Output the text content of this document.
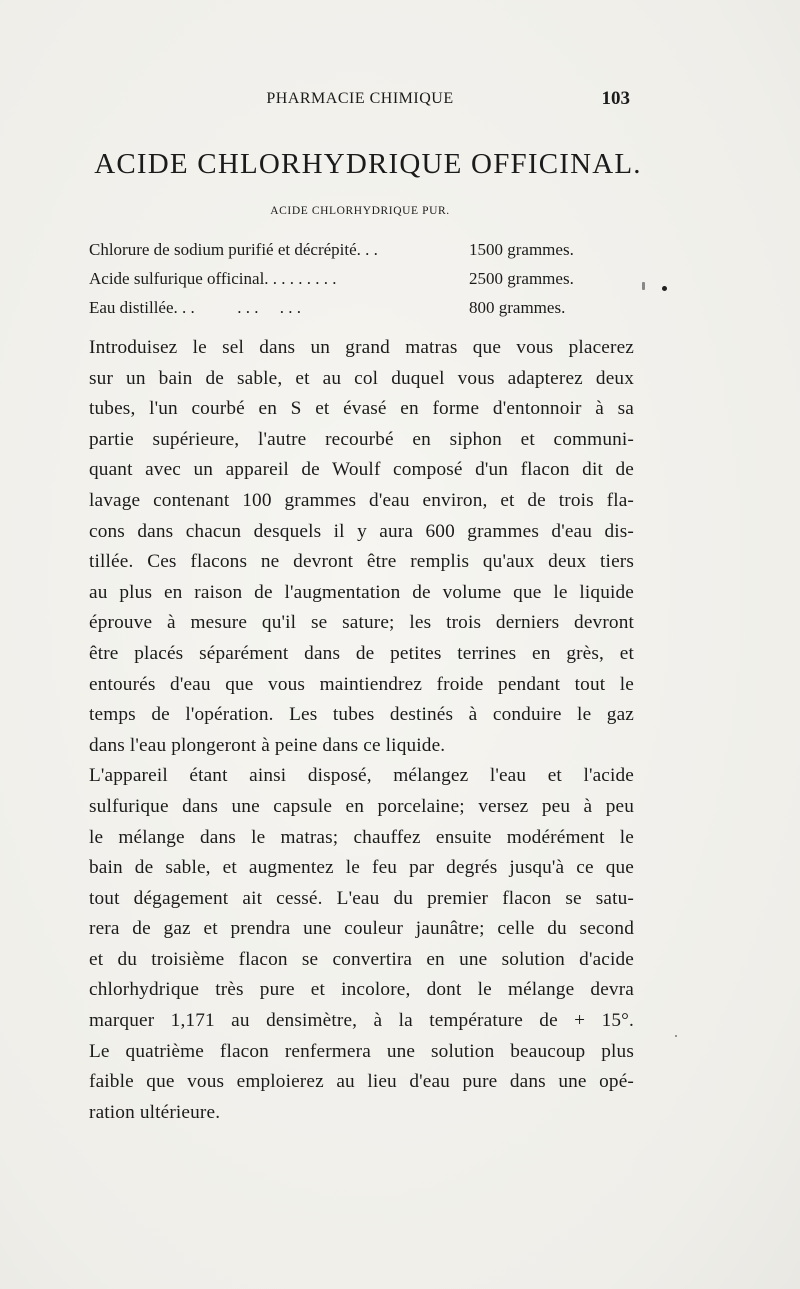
PHARMACIE CHIMIQUE	103
ACIDE CHLORHYDRIQUE OFFICINAL.
ACIDE CHLORHYDRIQUE PUR.
Chlorure de sodium purifié et décrépité. . .	1500 grammes.
Acide sulfurique officinal. . . . . . . . .	2500 grammes.
Eau distillée. . .          . . .     . . .	800 grammes.

Introduisez le sel dans un grand matras que vous placerez
sur un bain de sable, et au col duquel vous adapterez deux
tubes, l'un courbé en S et évasé en forme d'entonnoir à sa
partie supérieure, l'autre recourbé en siphon et communi-
quant avec un appareil de Woulf composé d'un flacon dit de
lavage contenant 100 grammes d'eau environ, et de trois fla-
cons dans chacun desquels il y aura 600 grammes d'eau dis-
tillée. Ces flacons ne devront être remplis qu'aux deux tiers
au plus en raison de l'augmentation de volume que le liquide
éprouve à mesure qu'il se sature; les trois derniers devront
être placés séparément dans de petites terrines en grès, et
entourés d'eau que vous maintiendrez froide pendant tout le
temps de l'opération. Les tubes destinés à conduire le gaz
dans l'eau plongeront à peine dans ce liquide.

L'appareil étant ainsi disposé, mélangez l'eau et l'acide
sulfurique dans une capsule en porcelaine; versez peu à peu
le mélange dans le matras; chauffez ensuite modérément le
bain de sable, et augmentez le feu par degrés jusqu'à ce que
tout dégagement ait cessé. L'eau du premier flacon se satu-
rera de gaz et prendra une couleur jaunâtre; celle du second
et du troisième flacon se convertira en une solution d'acide
chlorhydrique très pure et incolore, dont le mélange devra
marquer 1,171 au densimètre, à la température de + 15°.
Le quatrième flacon renfermera une solution beaucoup plus
faible que vous emploierez au lieu d'eau pure dans une opé-
ration ultérieure.
